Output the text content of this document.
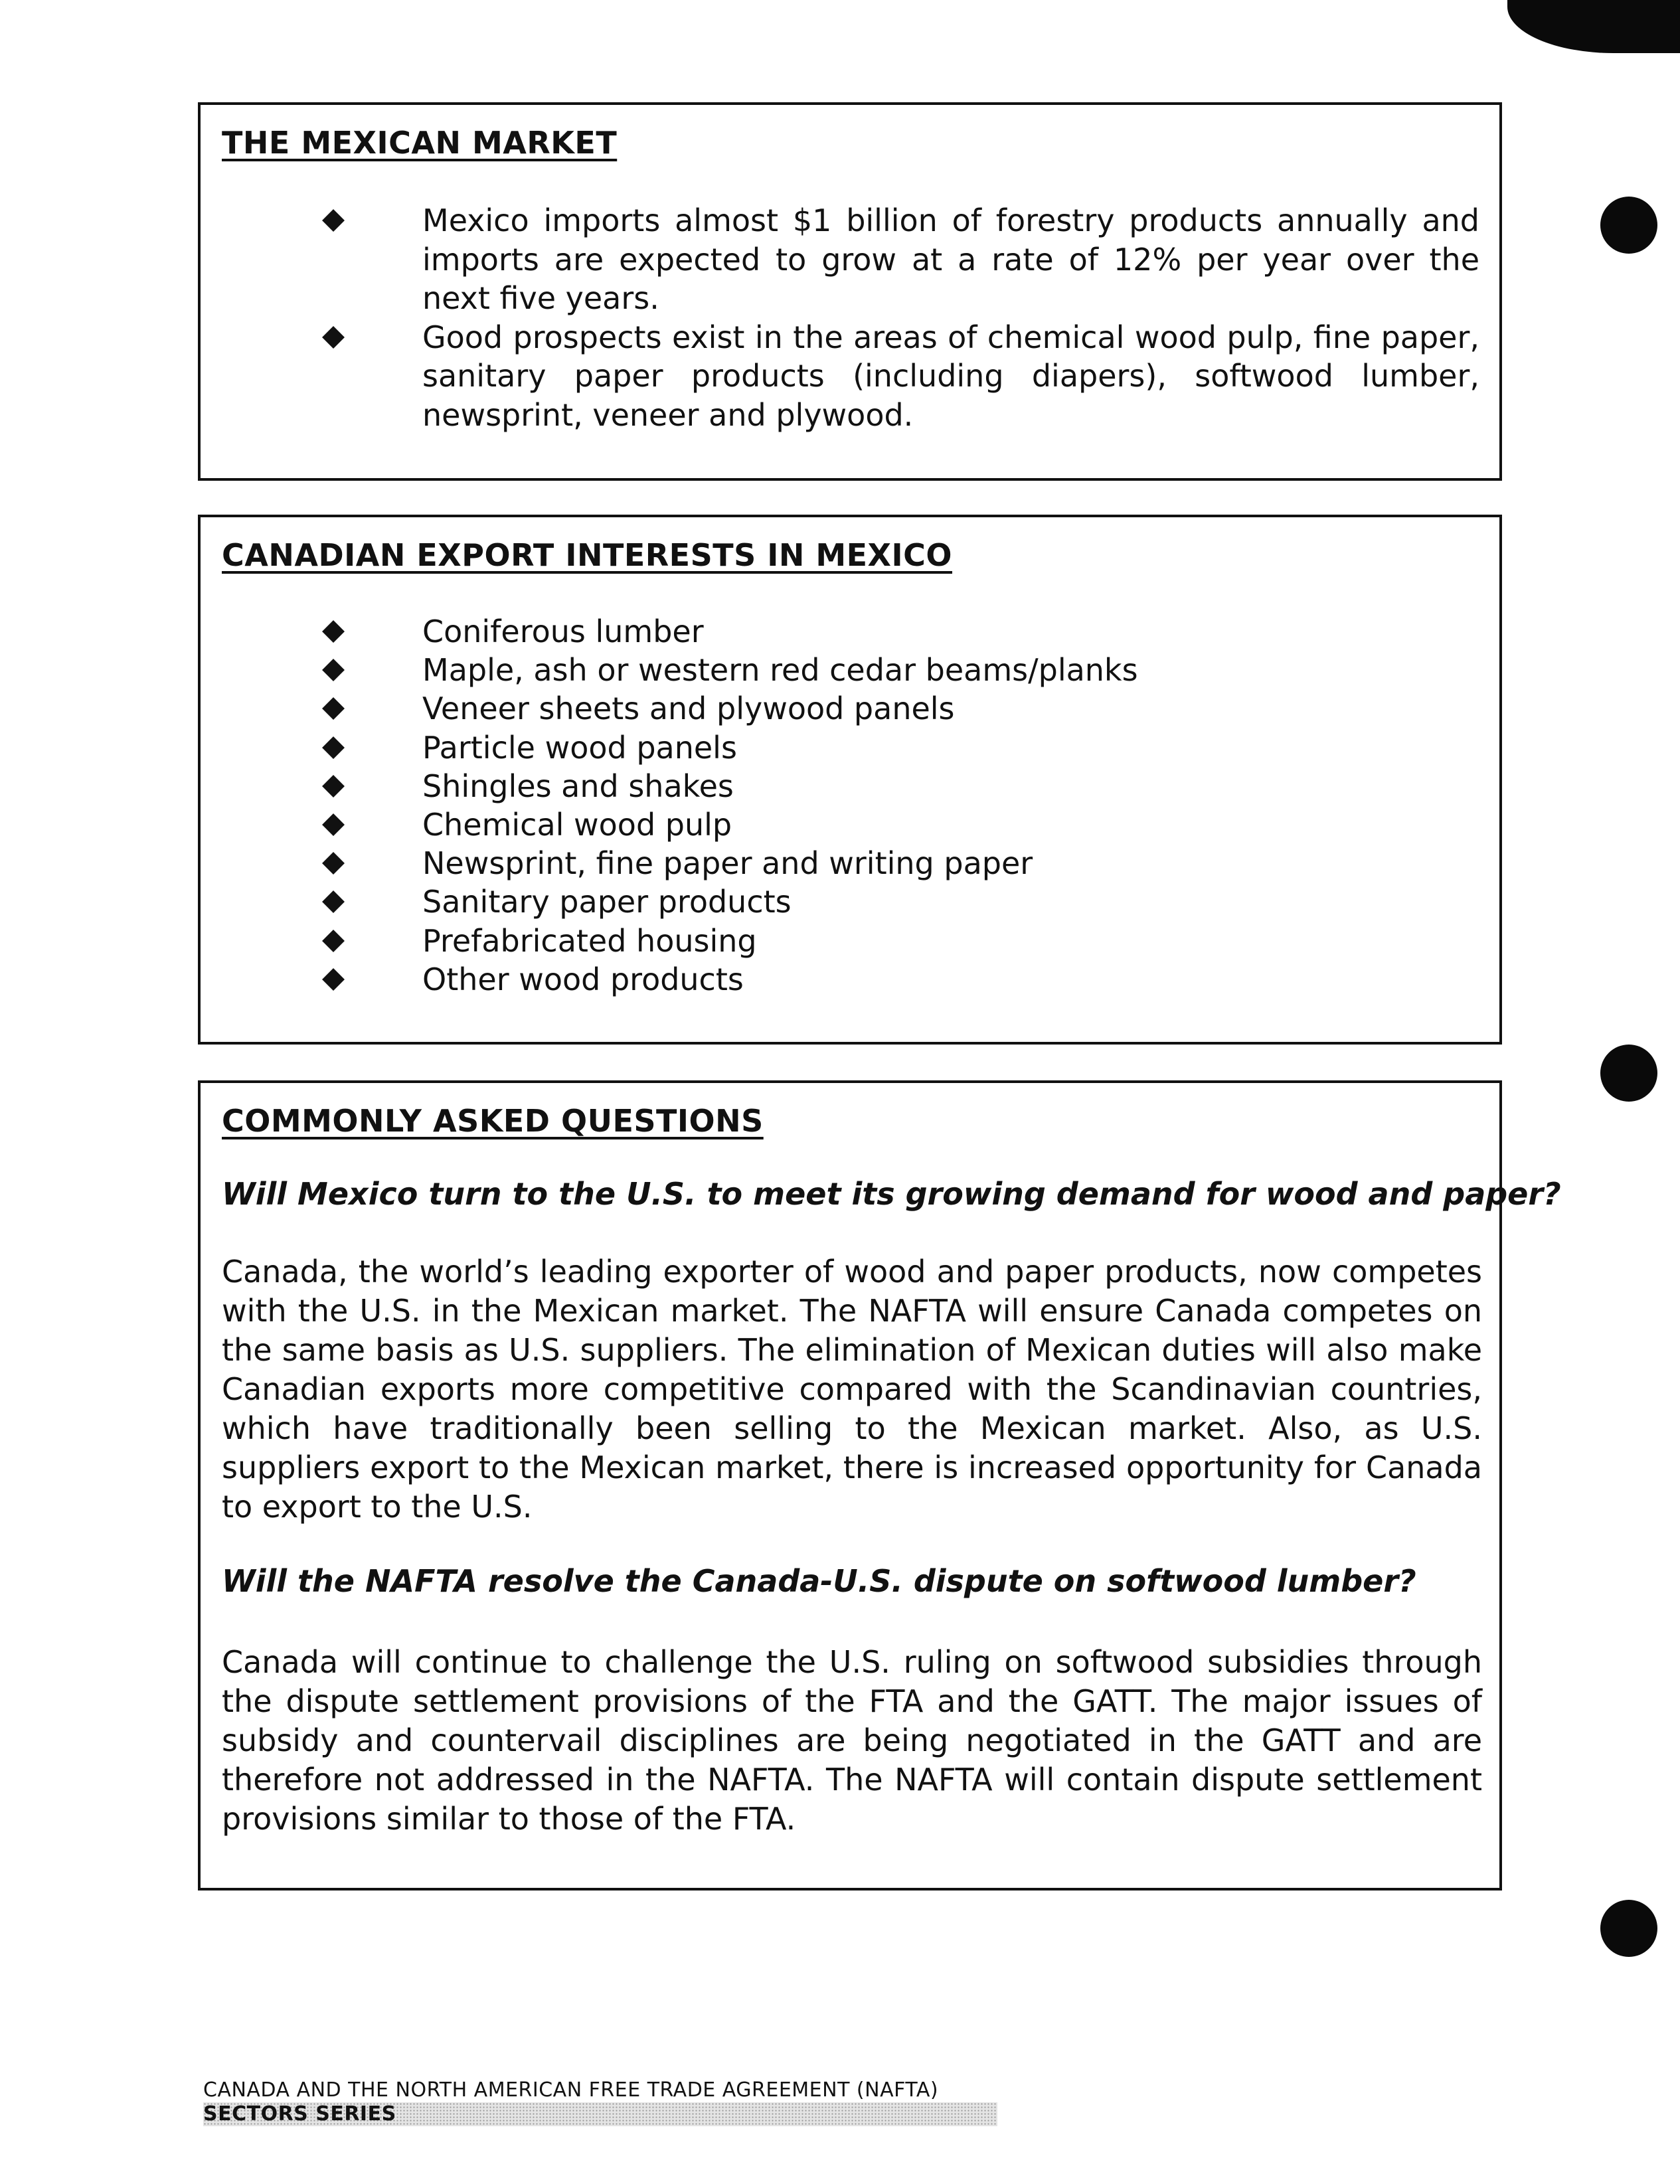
THE MEXICAN MARKET
Mexico imports almost $1 billion of forestry products annually and imports are expected to grow at a rate of 12% per year over the next five years.
Good prospects exist in the areas of chemical wood pulp, fine paper, sanitary paper products (including diapers), softwood lumber, newsprint, veneer and plywood.
CANADIAN EXPORT INTERESTS IN MEXICO
Coniferous lumber
Maple, ash or western red cedar beams/planks
Veneer sheets and plywood panels
Particle wood panels
Shingles and shakes
Chemical wood pulp
Newsprint, fine paper and writing paper
Sanitary paper products
Prefabricated housing
Other wood products
COMMONLY ASKED QUESTIONS
Will Mexico turn to the U.S. to meet its growing demand for wood and paper?

Canada, the world’s leading exporter of wood and paper products, now competes with the U.S. in the Mexican market. The NAFTA will ensure Canada competes on the same basis as U.S. suppliers. The elimination of Mexican duties will also make Canadian exports more competitive compared with the Scandinavian countries, which have traditionally been selling to the Mexican market. Also, as U.S. suppliers export to the Mexican market, there is increased opportunity for Canada to export to the U.S.

Will the NAFTA resolve the Canada-U.S. dispute on softwood lumber?

Canada will continue to challenge the U.S. ruling on softwood subsidies through the dispute settlement provisions of the FTA and the GATT. The major issues of subsidy and countervail disciplines are being negotiated in the GATT and are therefore not addressed in the NAFTA. The NAFTA will contain dispute settlement provisions similar to those of the FTA.

CANADA AND THE NORTH AMERICAN FREE TRADE AGREEMENT (NAFTA)
SECTORS SERIES
